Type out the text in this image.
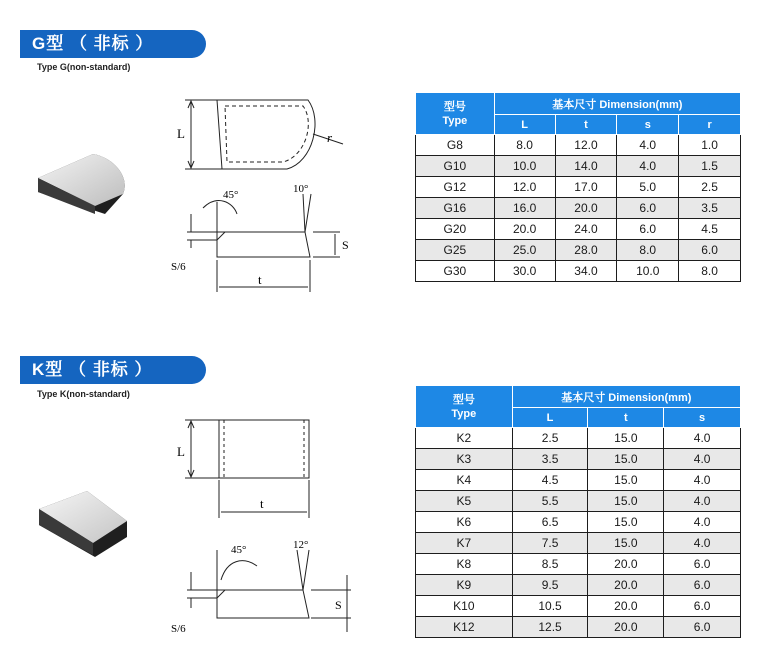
G型 （ 非标 ）
Type G(non-standard)
L	r
t
S
45°	10°
S/6
型号
Type	基本尺寸 Dimension(mm)			
	L	t	s	r
G8	8.0	12.0	4.0	1.0
G10	10.0	14.0	4.0	1.5
G12	12.0	17.0	5.0	2.5
G16	16.0	20.0	6.0	3.5
G20	20.0	24.0	6.0	4.5
G25	25.0	28.0	8.0	6.0
G30	30.0	34.0	10.0	8.0
K型 （ 非标 ）
Type K(non-standard)
L
t
S
45°	12°
S/6
型号
Type	基本尺寸 Dimension(mm)		
	L	t	s
K2	2.5	15.0	4.0
K3	3.5	15.0	4.0
K4	4.5	15.0	4.0
K5	5.5	15.0	4.0
K6	6.5	15.0	4.0
K7	7.5	15.0	4.0
K8	8.5	20.0	6.0
K9	9.5	20.0	6.0
K10	10.5	20.0	6.0
K12	12.5	20.0	6.0
